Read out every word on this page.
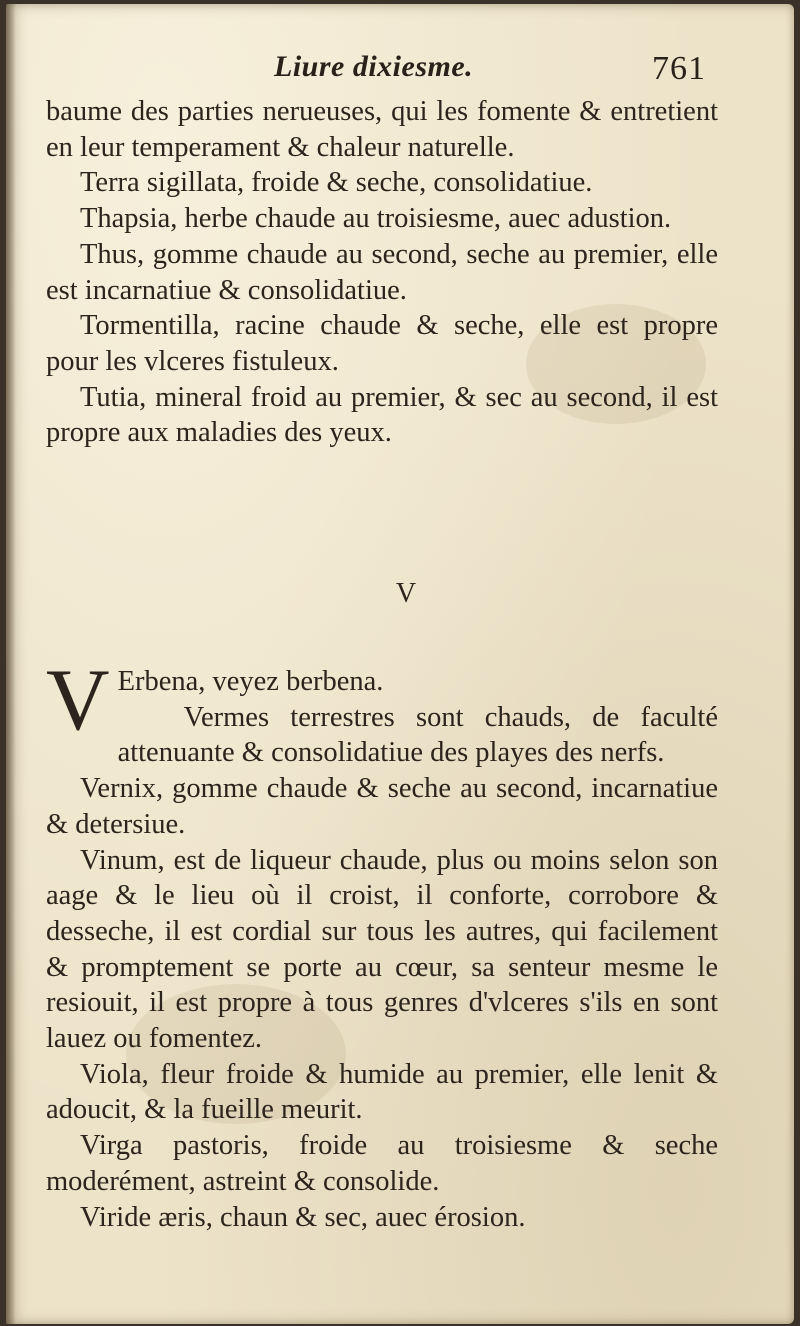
Liure dixiesme.	761

baume des parties nerueuses, qui les fomente & entretient en leur temperament & chaleur naturelle.

Terra sigillata, froide & seche, consolidatiue.

Thapsia, herbe chaude au troisiesme, auec adustion.

Thus, gomme chaude au second, seche au premier, elle est incarnatiue & consolidatiue.

Tormentilla, racine chaude & seche, elle est propre pour les vlceres fistuleux.

Tutia, mineral froid au premier, & sec au second, il est propre aux maladies des yeux.

V
V Erbena, veyez berbena.

Vermes terrestres sont chauds, de faculté attenuante & consolidatiue des playes des nerfs.

Vernix, gomme chaude & seche au second, incarnatiue & detersiue.

Vinum, est de liqueur chaude, plus ou moins selon son aage & le lieu où il croist, il conforte, corrobore & desseche, il est cordial sur tous les autres, qui facilement & promptement se porte au cœur, sa senteur mesme le resiouit, il est propre à tous genres d'vlceres s'ils en sont lauez ou fomentez.

Viola, fleur froide & humide au premier, elle lenit & adoucit, & la fueille meurit.

Virga pastoris, froide au troisiesme & seche moderément, astreint & consolide.

Viride æris, chaun & sec, auec érosion.
